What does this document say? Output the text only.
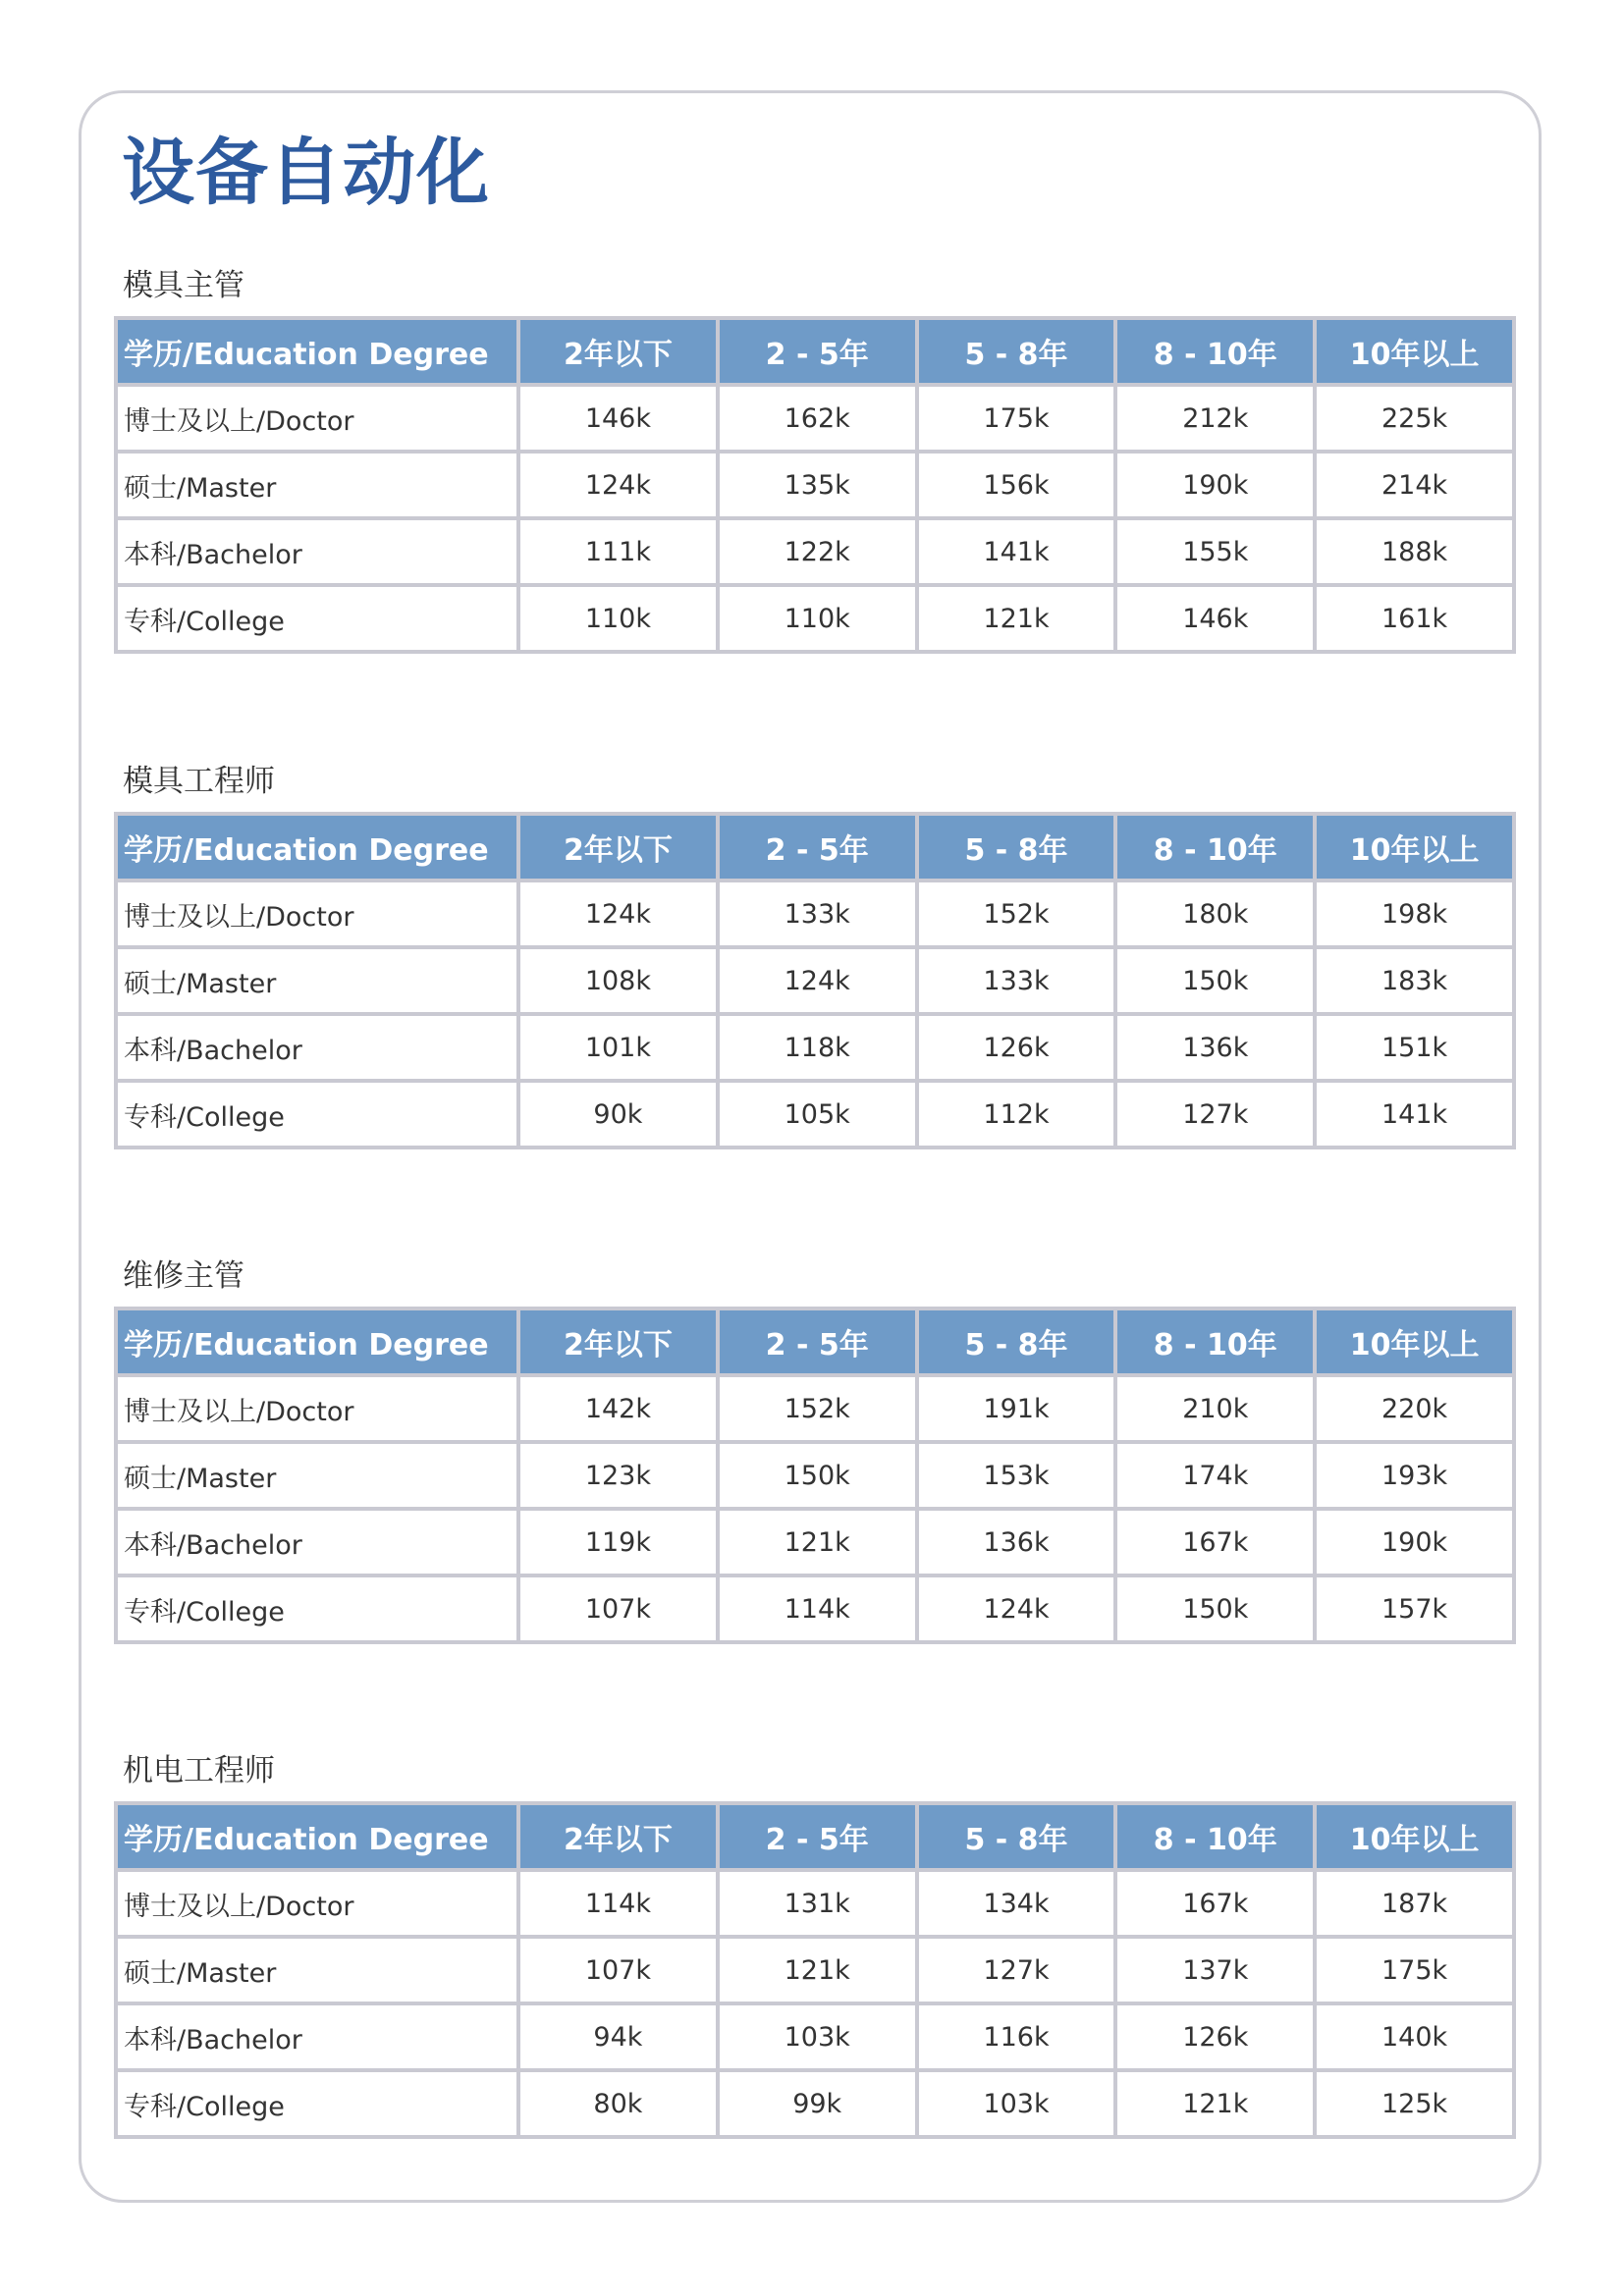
设备自动化
模具主管
学历/Education Degree	2年以下	2 - 5年	5 - 8年	8 - 10年	10年以上
博士及以上/Doctor	146k	162k	175k	212k	225k
硕士/Master	124k	135k	156k	190k	214k
本科/Bachelor	111k	122k	141k	155k	188k
专科/College	110k	110k	121k	146k	161k
模具工程师
学历/Education Degree	2年以下	2 - 5年	5 - 8年	8 - 10年	10年以上
博士及以上/Doctor	124k	133k	152k	180k	198k
硕士/Master	108k	124k	133k	150k	183k
本科/Bachelor	101k	118k	126k	136k	151k
专科/College	90k	105k	112k	127k	141k
维修主管
学历/Education Degree	2年以下	2 - 5年	5 - 8年	8 - 10年	10年以上
博士及以上/Doctor	142k	152k	191k	210k	220k
硕士/Master	123k	150k	153k	174k	193k
本科/Bachelor	119k	121k	136k	167k	190k
专科/College	107k	114k	124k	150k	157k
机电工程师
学历/Education Degree	2年以下	2 - 5年	5 - 8年	8 - 10年	10年以上
博士及以上/Doctor	114k	131k	134k	167k	187k
硕士/Master	107k	121k	127k	137k	175k
本科/Bachelor	94k	103k	116k	126k	140k
专科/College	80k	99k	103k	121k	125k
